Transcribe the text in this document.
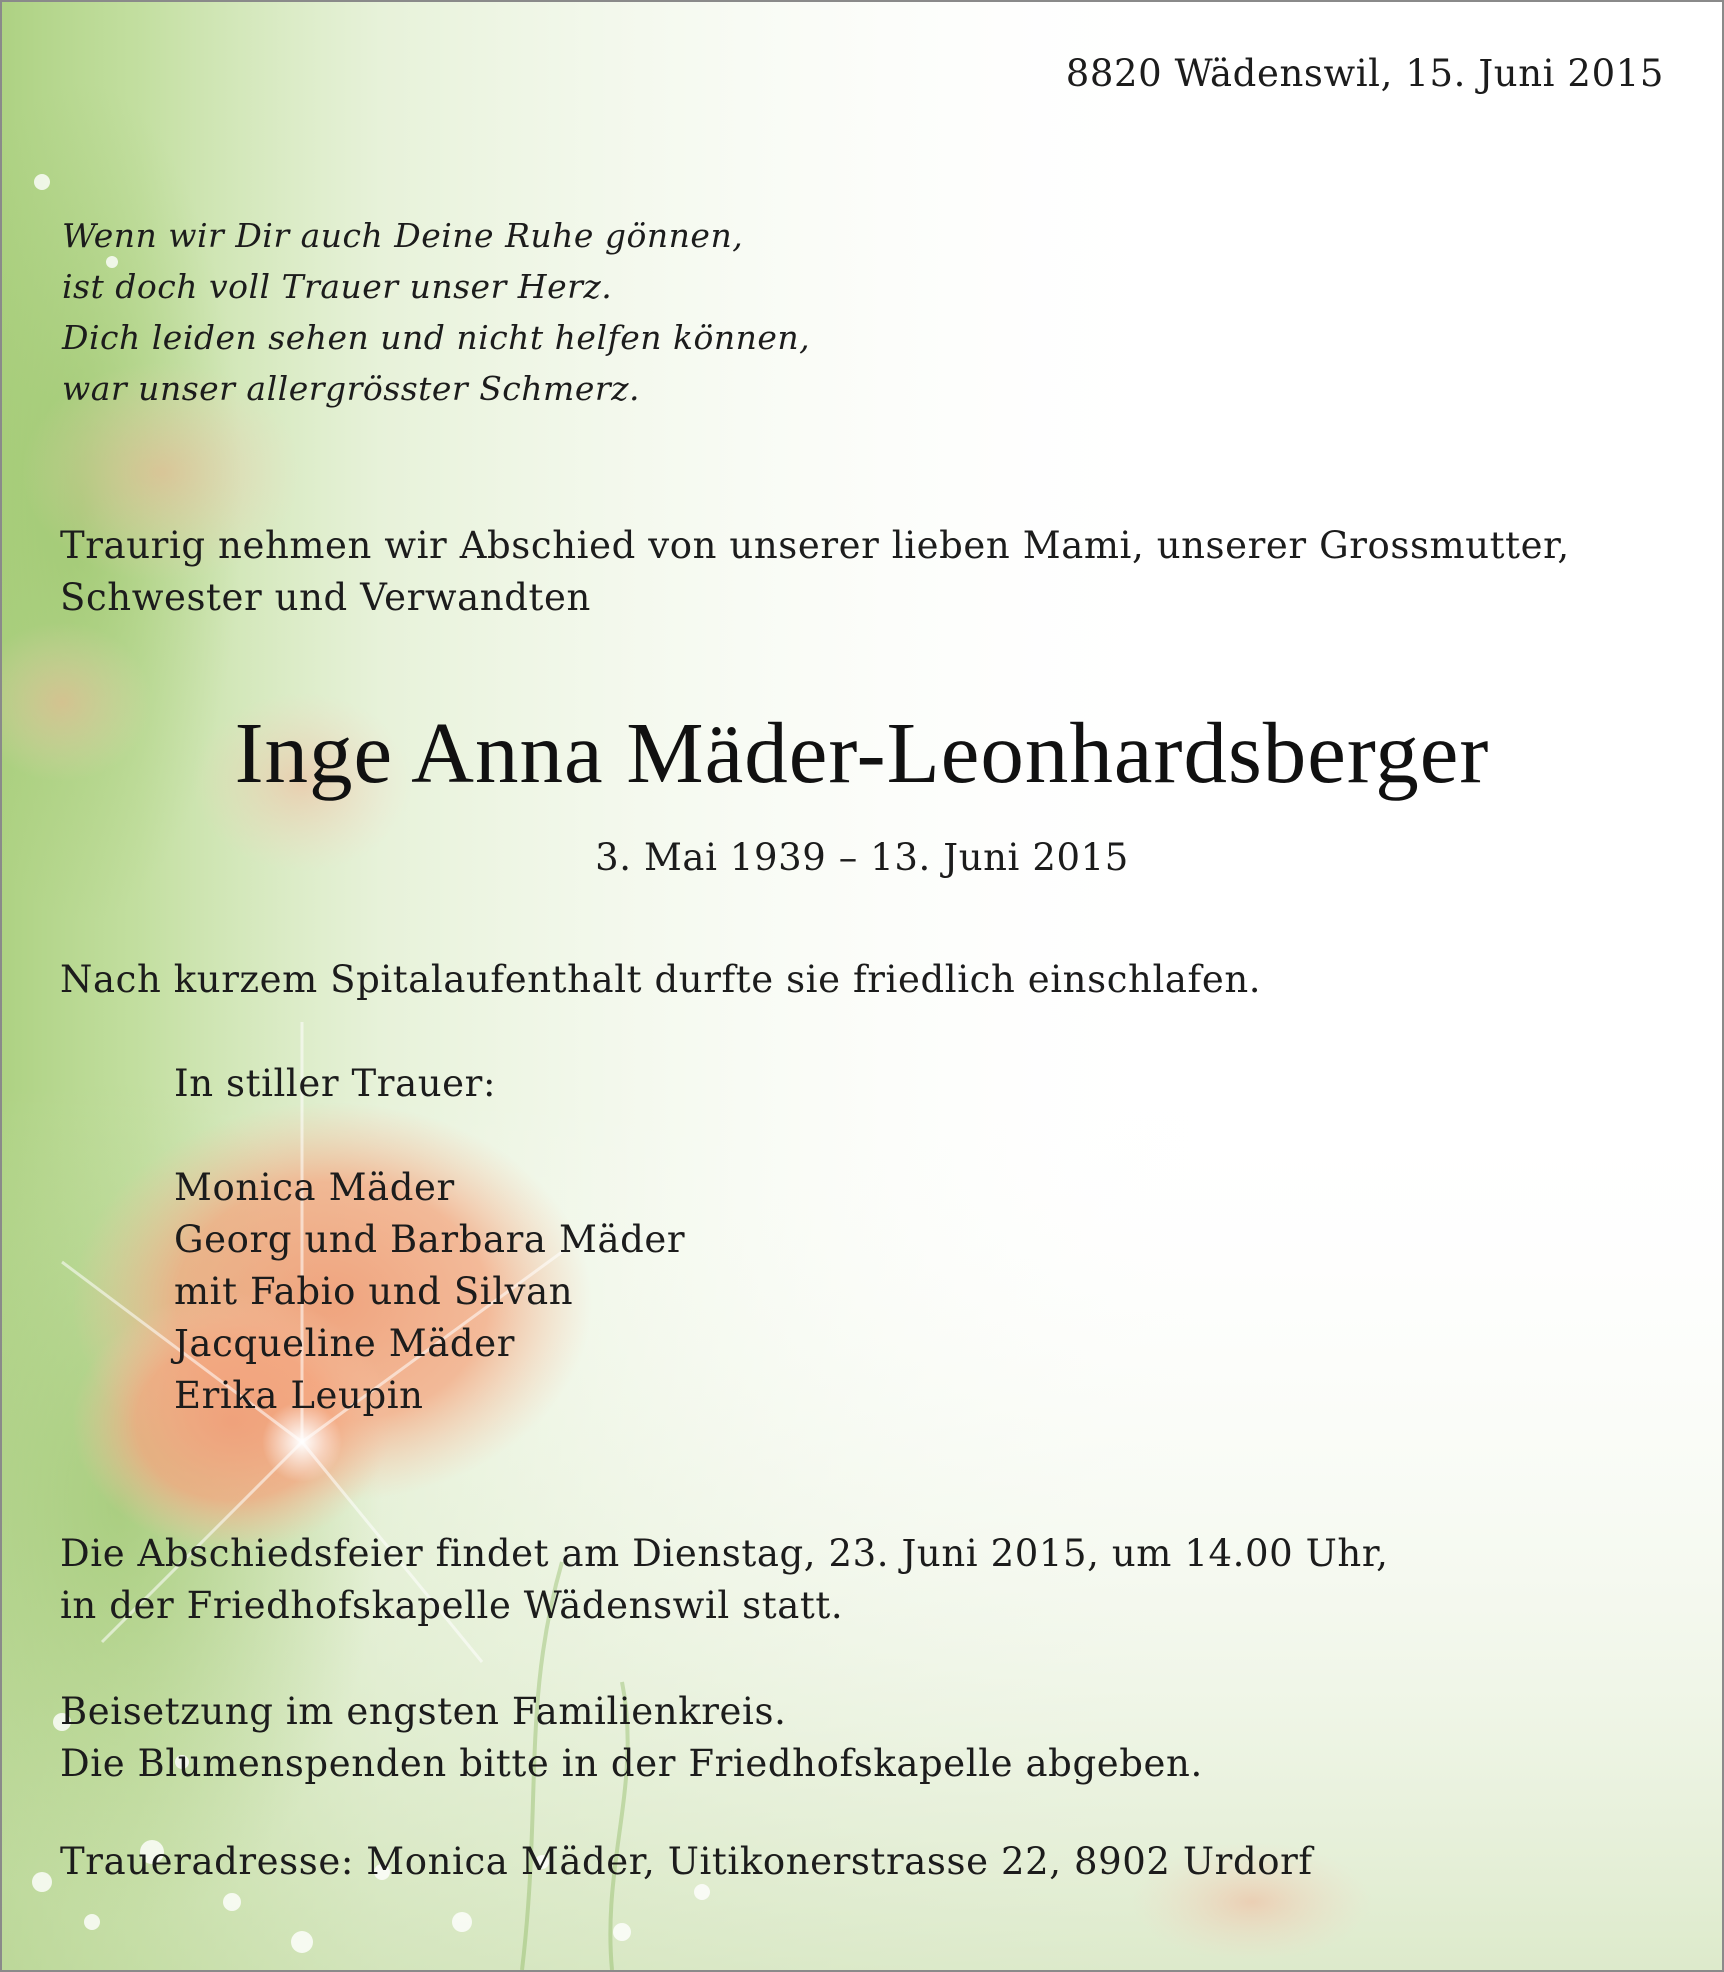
8820 Wädenswil, 15. Juni 2015
Wenn wir Dir auch Deine Ruhe gönnen,
ist doch voll Trauer unser Herz.
Dich leiden sehen und nicht helfen können,
war unser allergrösster Schmerz.
Traurig nehmen wir Abschied von unserer lieben Mami, unserer Grossmutter,
Schwester und Verwandten
Inge Anna Mäder-Leonhardsberger
3. Mai 1939 – 13. Juni 2015
Nach kurzem Spitalaufenthalt durfte sie friedlich einschlafen.
In stiller Trauer:
Monica Mäder
Georg und Barbara Mäder
mit Fabio und Silvan
Jacqueline Mäder
Erika Leupin
Die Abschiedsfeier findet am Dienstag, 23. Juni 2015, um 14.00 Uhr,
in der Friedhofskapelle Wädenswil statt.
Beisetzung im engsten Familienkreis.
Die Blumenspenden bitte in der Friedhofskapelle abgeben.
Traueradresse: Monica Mäder, Uitikonerstrasse 22, 8902 Urdorf
